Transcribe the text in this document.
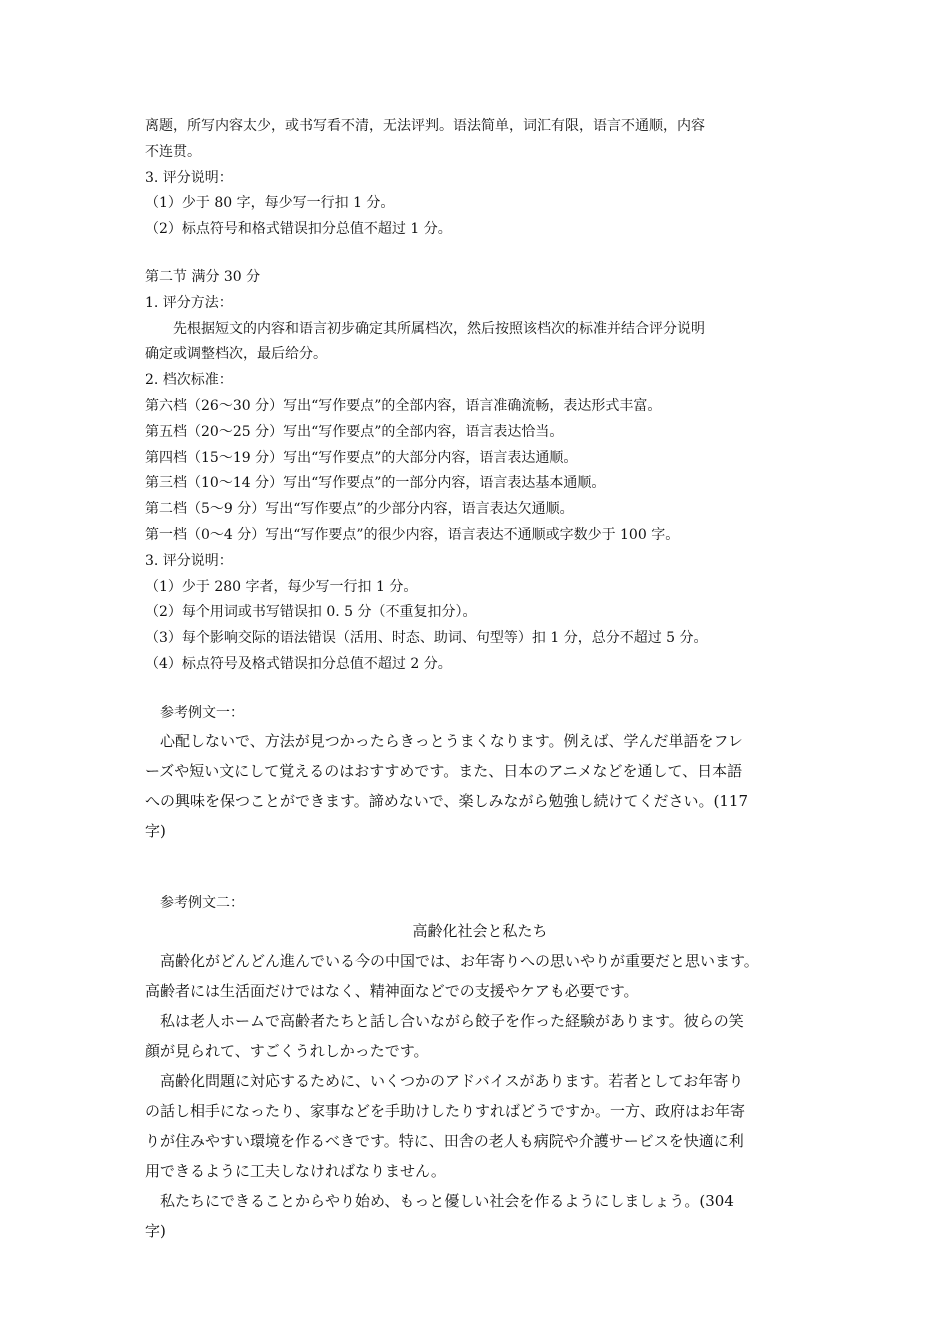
离题，所写内容太少，或书写看不清，无法评判。语法简单，词汇有限，语言不通顺，内容

不连贯。

3. 评分说明：

（1）少于 80 字，每少写一行扣 1 分。

（2）标点符号和格式错误扣分总值不超过 1 分。

第二节 满分 30 分

1. 评分方法：

先根据短文的内容和语言初步确定其所属档次，然后按照该档次的标准并结合评分说明

确定或调整档次，最后给分。

2. 档次标准：

第六档（26～30 分）写出“写作要点”的全部内容，语言准确流畅，表达形式丰富。

第五档（20～25 分）写出“写作要点”的全部内容，语言表达恰当。

第四档（15～19 分）写出“写作要点”的大部分内容，语言表达通顺。

第三档（10～14 分）写出“写作要点”的一部分内容，语言表达基本通顺。

第二档（5～9 分）写出“写作要点”的少部分内容，语言表达欠通顺。

第一档（0～4 分）写出“写作要点”的很少内容，语言表达不通顺或字数少于 100 字。

3. 评分说明：

（1）少于 280 字者，每少写一行扣 1 分。

（2）每个用词或书写错误扣 0. 5 分（不重复扣分）。

（3）每个影响交际的语法错误（活用、时态、助词、句型等）扣 1 分，总分不超过 5 分。

（4）标点符号及格式错误扣分总值不超过 2 分。

参考例文一：

心配しないで、方法が見つかったらきっとうまくなります。例えば、学んだ単語をフレ

ーズや短い文にして覚えるのはおすすめです。また、日本のアニメなどを通して、日本語

への興味を保つことができます。諦めないで、楽しみながら勉強し続けてください。(117

字)

参考例文二：

高齢化社会と私たち

高齢化がどんどん進んでいる今の中国では、お年寄りへの思いやりが重要だと思います。

高齢者には生活面だけではなく、精神面などでの支援やケアも必要です。

私は老人ホームで高齢者たちと話し合いながら餃子を作った経験があります。彼らの笑

顔が見られて、すごくうれしかったです。

高齢化問題に対応するために、いくつかのアドバイスがあります。若者としてお年寄り

の話し相手になったり、家事などを手助けしたりすればどうですか。一方、政府はお年寄

りが住みやすい環境を作るべきです。特に、田舎の老人も病院や介護サービスを快適に利

用できるように工夫しなければなりません。

私たちにできることからやり始め、もっと優しい社会を作るようにしましょう。(304

字)
